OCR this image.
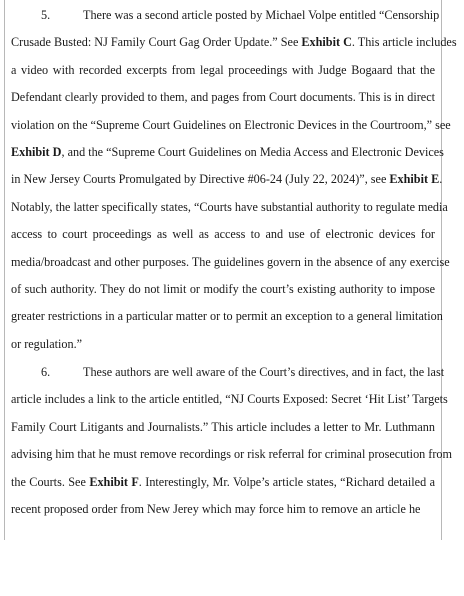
5.	There was a second article posted by Michael Volpe entitled “Censorship
Crusade Busted: NJ Family Court Gag Order Update.” See Exhibit C. This article includes
a video with recorded excerpts from legal proceedings with Judge Bogaard that the
Defendant clearly provided to them, and pages from Court documents. This is in direct
violation on the “Supreme Court Guidelines on Electronic Devices in the Courtroom,” see
Exhibit D, and the “Supreme Court Guidelines on Media Access and Electronic Devices
in New Jersey Courts Promulgated by Directive #06-24 (July 22, 2024)”, see Exhibit E.
Notably, the latter specifically states, “Courts have substantial authority to regulate media
access to court proceedings as well as access to and use of electronic devices for
media/broadcast and other purposes. The guidelines govern in the absence of any exercise
of such authority. They do not limit or modify the court’s existing authority to impose
greater restrictions in a particular matter or to permit an exception to a general limitation
or regulation.”
6.	These authors are well aware of the Court’s directives, and in fact, the last
article includes a link to the article entitled, “NJ Courts Exposed: Secret ‘Hit List’ Targets
Family Court Litigants and Journalists.” This article includes a letter to Mr. Luthmann
advising him that he must remove recordings or risk referral for criminal prosecution from
the Courts. See Exhibit F. Interestingly, Mr. Volpe’s article states, “Richard detailed a
recent proposed order from New Jerey which may force him to remove an article he
